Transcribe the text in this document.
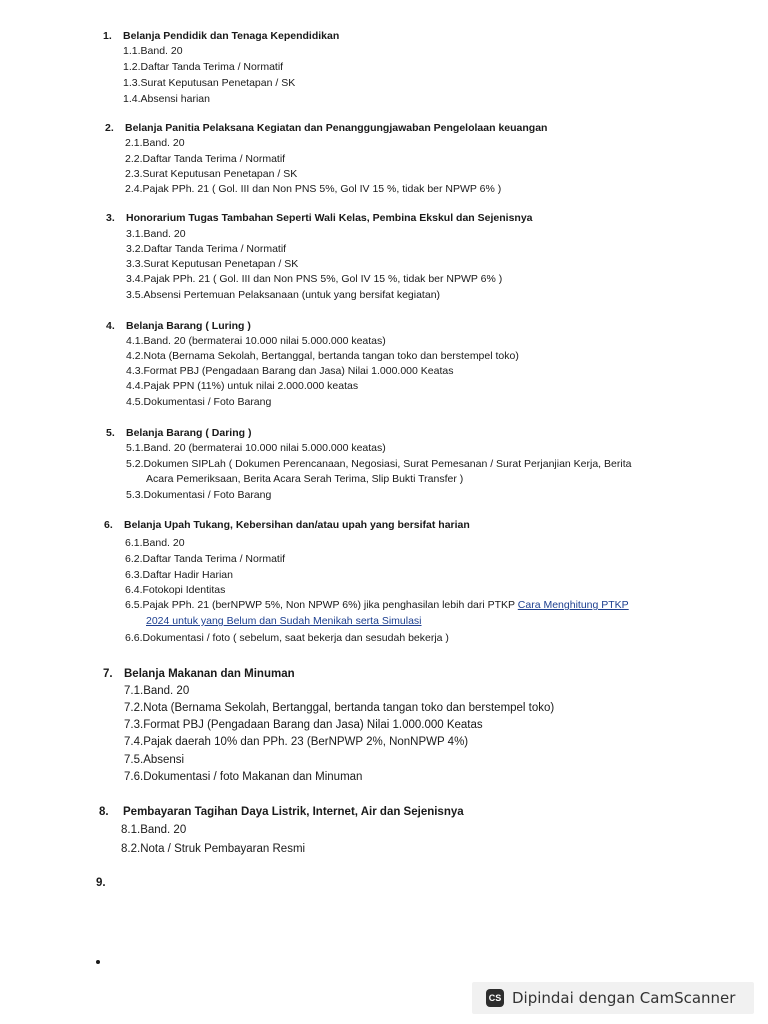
1. Belanja Pendidik dan Tenaga Kependidikan
1.1.Band. 20
1.2.Daftar Tanda Terima / Normatif
1.3.Surat Keputusan Penetapan / SK
1.4.Absensi harian
2. Belanja Panitia Pelaksana Kegiatan dan Penanggungjawaban Pengelolaan keuangan
2.1.Band. 20
2.2.Daftar Tanda Terima / Normatif
2.3.Surat Keputusan Penetapan / SK
2.4.Pajak PPh. 21 ( Gol. III dan Non PNS 5%, Gol IV 15 %, tidak ber NPWP 6% )
3. Honorarium Tugas Tambahan Seperti Wali Kelas, Pembina Ekskul dan Sejenisnya
3.1.Band. 20
3.2.Daftar Tanda Terima / Normatif
3.3.Surat Keputusan Penetapan / SK
3.4.Pajak PPh. 21 ( Gol. III dan Non PNS 5%, Gol IV 15 %, tidak ber NPWP 6% )
3.5.Absensi Pertemuan Pelaksanaan (untuk yang bersifat kegiatan)
4. Belanja Barang ( Luring )
4.1.Band. 20 (bermaterai 10.000 nilai 5.000.000 keatas)
4.2.Nota (Bernama Sekolah, Bertanggal, bertanda tangan toko dan berstempel toko)
4.3.Format PBJ (Pengadaan Barang dan Jasa) Nilai 1.000.000 Keatas
4.4.Pajak PPN (11%) untuk nilai 2.000.000 keatas
4.5.Dokumentasi / Foto Barang
5. Belanja Barang ( Daring )
5.1.Band. 20 (bermaterai 10.000 nilai 5.000.000 keatas)
5.2.Dokumen SIPLah ( Dokumen Perencanaan, Negosiasi, Surat Pemesanan / Surat Perjanjian Kerja, Berita
Acara Pemeriksaan, Berita Acara Serah Terima, Slip Bukti Transfer )
5.3.Dokumentasi / Foto Barang
6. Belanja Upah Tukang, Kebersihan dan/atau upah yang bersifat harian
6.1.Band. 20
6.2.Daftar Tanda Terima / Normatif
6.3.Daftar Hadir Harian
6.4.Fotokopi Identitas
6.5.Pajak PPh. 21 (berNPWP 5%, Non NPWP 6%) jika penghasilan lebih dari PTKP Cara Menghitung PTKP
2024 untuk yang Belum dan Sudah Menikah serta Simulasi
6.6.Dokumentasi / foto ( sebelum, saat bekerja dan sesudah bekerja )
7. Belanja Makanan dan Minuman
7.1.Band. 20
7.2.Nota (Bernama Sekolah, Bertanggal, bertanda tangan toko dan berstempel toko)
7.3.Format PBJ (Pengadaan Barang dan Jasa) Nilai 1.000.000 Keatas
7.4.Pajak daerah 10% dan PPh. 23 (BerNPWP 2%, NonNPWP 4%)
7.5.Absensi
7.6.Dokumentasi / foto Makanan dan Minuman
8. Pembayaran Tagihan Daya Listrik, Internet, Air dan Sejenisnya
8.1.Band. 20
8.2.Nota / Struk Pembayaran Resmi
9.
CS Dipindai dengan CamScanner
